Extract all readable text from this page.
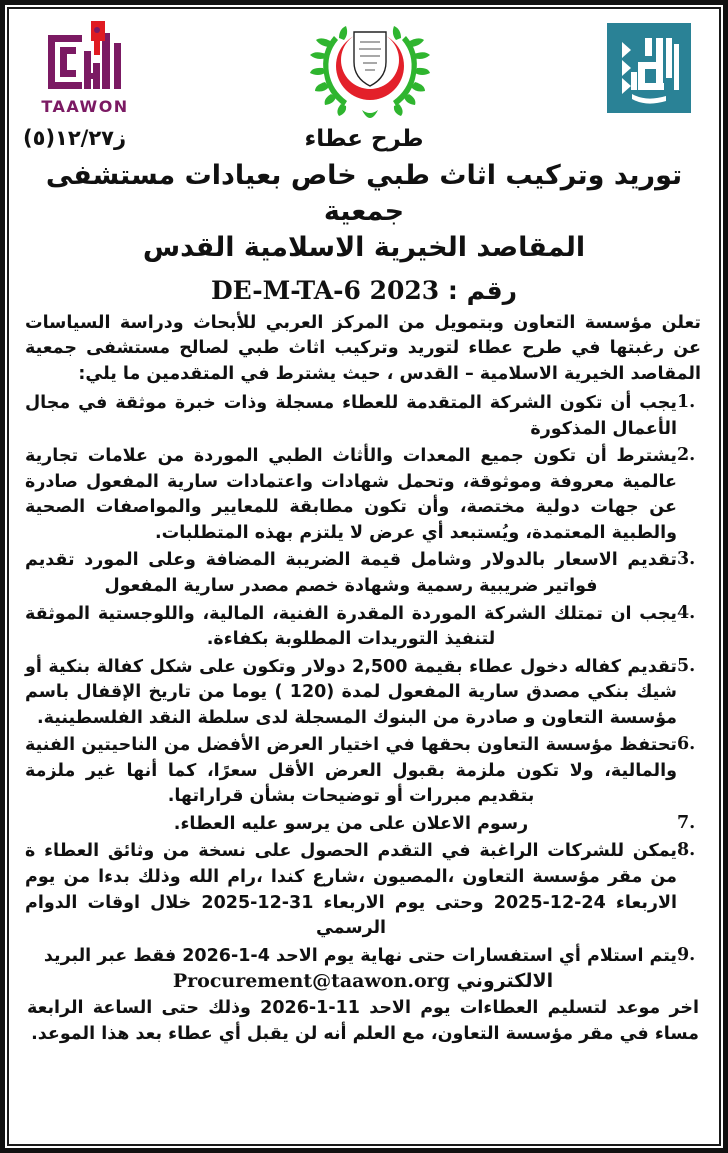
TAAWON
ز١٢/٢٧(٥)	طرح عطاء
توريد وتركيب اثاث طبي خاص بعيادات مستشفى جمعية
المقاصد الخيرية الاسلامية القدس
رقم : 2023 DE-M-TA-6

تعلن مؤسسة التعاون وبتمويل من المركز العربي للأبحاث ودراسة السياسات عن رغبتها في طرح عطاء لتوريد وتركيب اثاث طبي لصالح مستشفى جمعية المقاصد الخيرية الاسلامية – القدس ، حيث يشترط في المتقدمين ما يلي:

1.
يجب أن تكون الشركة المتقدمة للعطاء مسجلة وذات خبرة موثقة في مجال الأعمال المذكورة
2.
يشترط أن تكون جميع المعدات والأثاث الطبي الموردة من علامات تجارية عالمية معروفة وموثوقة، وتحمل شهادات واعتمادات سارية المفعول صادرة عن جهات دولية مختصة، وأن تكون مطابقة للمعايير والمواصفات الصحية والطبية المعتمدة، ويُستبعد أي عرض لا يلتزم بهذه المتطلبات.
3.
تقديم الاسعار بالدولار وشامل قيمة الضريبة المضافة وعلى المورد تقديم فواتير ضريبية رسمية وشهادة خصم مصدر سارية المفعول
4.
يجب ان تمتلك الشركة الموردة المقدرة الفنية، المالية، واللوجستية الموثقة لتنفيذ التوريدات المطلوبة بكفاءة.
5.
تقديم كفاله دخول عطاء بقيمة 2,500 دولار وتكون على شكل كفالة بنكية أو شيك بنكي مصدق سارية المفعول لمدة (120 ) يوما من تاريخ الإقفال باسم مؤسسة التعاون و صادرة من البنوك المسجلة لدى سلطة النقد الفلسطينية.
6.
تحتفظ مؤسسة التعاون بحقها في اختيار العرض الأفضل من الناحيتين الفنية والمالية، ولا تكون ملزمة بقبول العرض الأقل سعرًا، كما أنها غير ملزمة بتقديم مبررات أو توضيحات بشأن قراراتها.
7.
رسوم الاعلان على من يرسو عليه العطاء.
8.
يمكن للشركات الراغبة في التقدم الحصول على نسخة من وثائق العطاء ة من مقر مؤسسة التعاون ،المصيون ،شارع كندا ،رام الله وذلك بدءا من يوم الاربعاء 24-12-2025 وحتى يوم الاربعاء 31-12-2025 خلال اوقات الدوام الرسمي
9.
يتم استلام أي استفسارات حتى نهاية يوم الاحد 4-1-2026 فقط عبر البريد
Procurement@taawon.org الالكتروني

اخر موعد لتسليم العطاءات يوم الاحد 11-1-2026 وذلك حتى الساعة الرابعة مساء في مقر مؤسسة التعاون، مع العلم أنه لن يقبل أي عطاء بعد هذا الموعد.
